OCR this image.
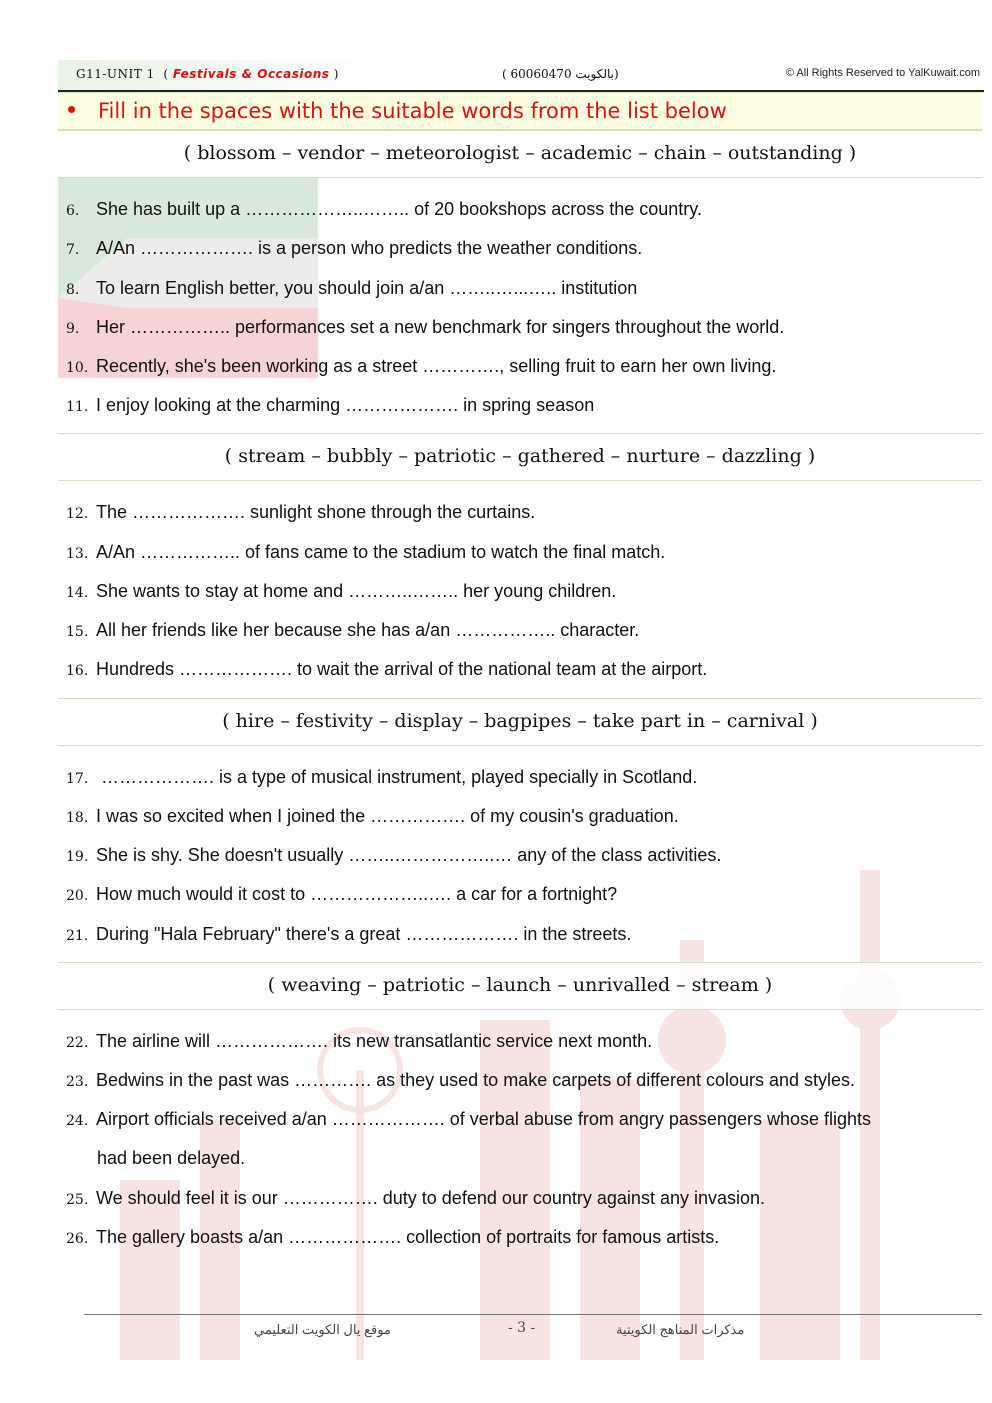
G11-UNIT 1  ( Festivals & Occasions )	( 60060470 بالكويت)	© All Rights Reserved to YalKuwait.com
Fill in the spaces with the suitable words from the list below
( blossom – vendor – meteorologist – academic – chain – outstanding )
6. She has built up a ………………..…….. of 20 bookshops across the country.
7. A/An ………………. is a person who predicts the weather conditions.
8. To learn English better, you should join a/an ……..…...….. institution
9. Her …………….. performances set a new benchmark for singers throughout the world.
10. Recently, she's been working as a street …………., selling fruit to earn her own living.
11. I enjoy looking at the charming ………………. in spring season
( stream – bubbly – patriotic – gathered – nurture – dazzling )
12. The ………………. sunlight shone through the curtains.
13. A/An …………….. of fans came to the stadium to watch the final match.
14. She wants to stay at home and ………..…….. her young children.
15. All her friends like her because she has a/an …………….. character.
16. Hundreds ………………. to wait the arrival of the national team at the airport.
( hire – festivity – display – bagpipes – take part in – carnival )
17. ………………. is a type of musical instrument, played specially in Scotland.
18. I was so excited when I joined the ……………. of my cousin's graduation.
19. She is shy. She doesn't usually ……..……………..… any of the class activities.
20. How much would it cost to ………………..…. a car for a fortnight?
21. During "Hala February" there's a great ………………. in the streets.
( weaving – patriotic – launch – unrivalled – stream )
22. The airline will ………………. its new transatlantic service next month.
23. Bedwins in the past was …………. as they used to make carpets of different colours and styles.
24. Airport officials received a/an ………………. of verbal abuse from angry passengers whose flights
had been delayed.
25. We should feel it is our ……………. duty to defend our country against any invasion.
26. The gallery boasts a/an ………………. collection of portraits for famous artists.
موقع يال الكويت التعليمي	- 3 -	مذكرات المناهج الكويتية
